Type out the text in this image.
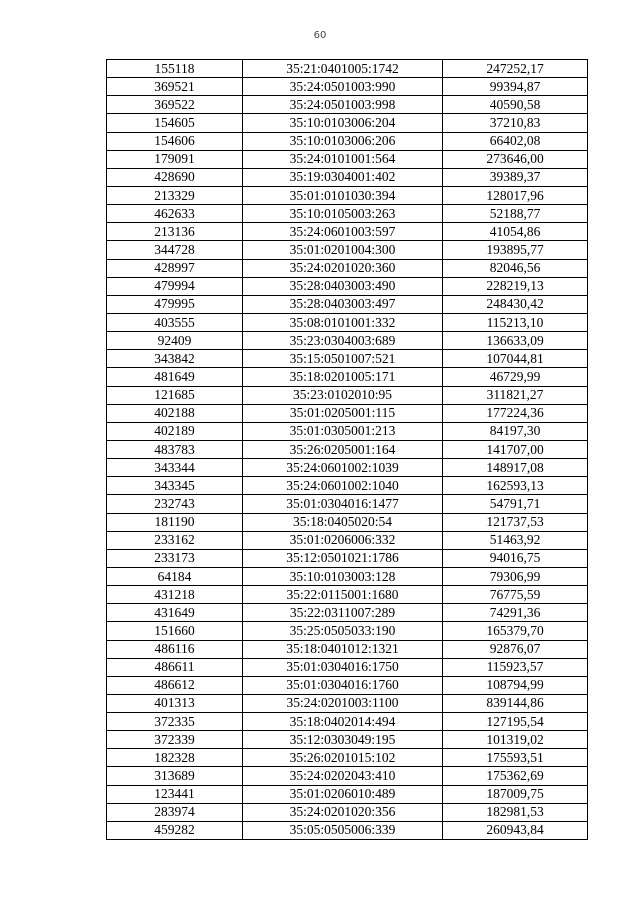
60
155118	35:21:0401005:1742	247252,17
369521	35:24:0501003:990	99394,87
369522	35:24:0501003:998	40590,58
154605	35:10:0103006:204	37210,83
154606	35:10:0103006:206	66402,08
179091	35:24:0101001:564	273646,00
428690	35:19:0304001:402	39389,37
213329	35:01:0101030:394	128017,96
462633	35:10:0105003:263	52188,77
213136	35:24:0601003:597	41054,86
344728	35:01:0201004:300	193895,77
428997	35:24:0201020:360	82046,56
479994	35:28:0403003:490	228219,13
479995	35:28:0403003:497	248430,42
403555	35:08:0101001:332	115213,10
92409	35:23:0304003:689	136633,09
343842	35:15:0501007:521	107044,81
481649	35:18:0201005:171	46729,99
121685	35:23:0102010:95	311821,27
402188	35:01:0205001:115	177224,36
402189	35:01:0305001:213	84197,30
483783	35:26:0205001:164	141707,00
343344	35:24:0601002:1039	148917,08
343345	35:24:0601002:1040	162593,13
232743	35:01:0304016:1477	54791,71
181190	35:18:0405020:54	121737,53
233162	35:01:0206006:332	51463,92
233173	35:12:0501021:1786	94016,75
64184	35:10:0103003:128	79306,99
431218	35:22:0115001:1680	76775,59
431649	35:22:0311007:289	74291,36
151660	35:25:0505033:190	165379,70
486116	35:18:0401012:1321	92876,07
486611	35:01:0304016:1750	115923,57
486612	35:01:0304016:1760	108794,99
401313	35:24:0201003:1100	839144,86
372335	35:18:0402014:494	127195,54
372339	35:12:0303049:195	101319,02
182328	35:26:0201015:102	175593,51
313689	35:24:0202043:410	175362,69
123441	35:01:0206010:489	187009,75
283974	35:24:0201020:356	182981,53
459282	35:05:0505006:339	260943,84
